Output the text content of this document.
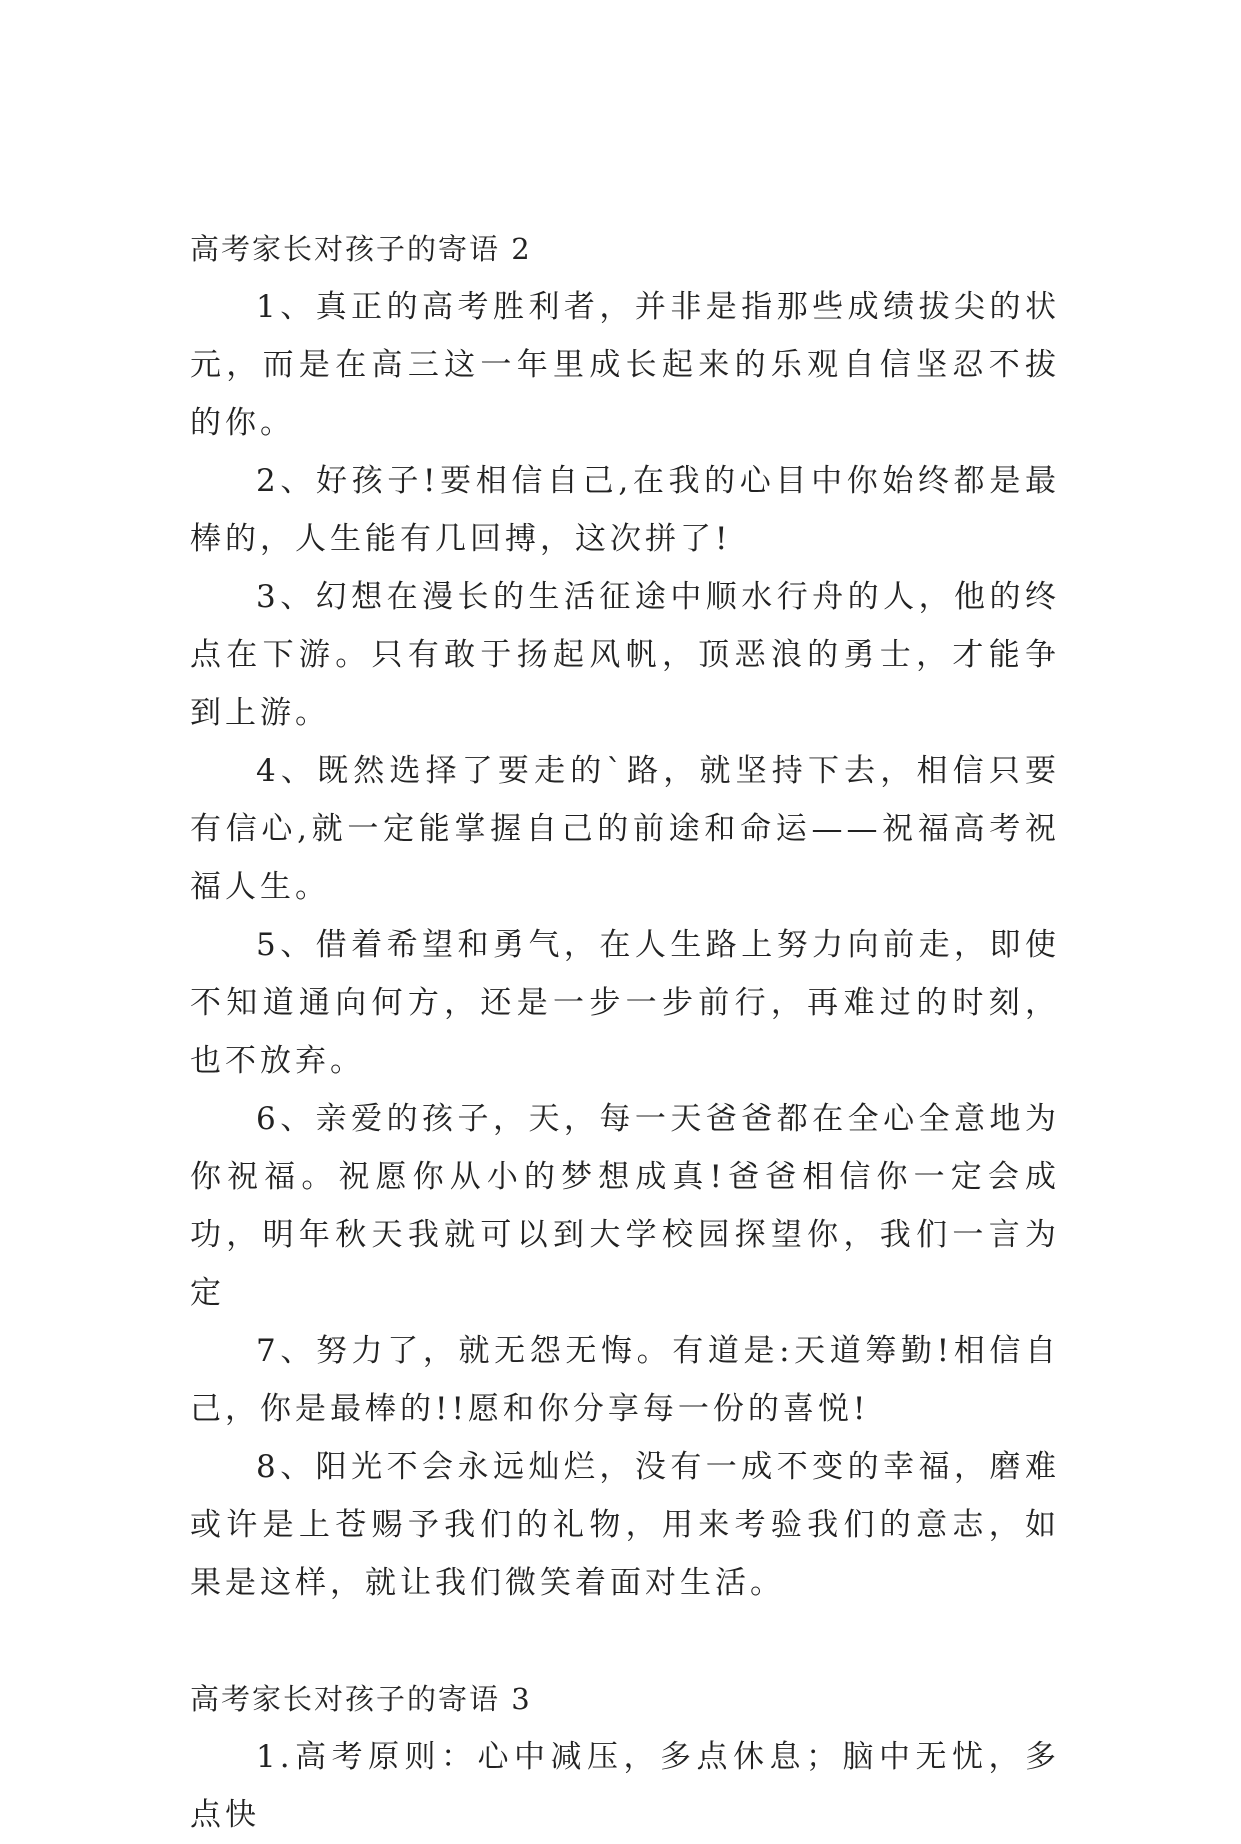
高考家长对孩子的寄语 2

1、真正的高考胜利者，并非是指那些成绩拔尖的状元，而是在高三这一年里成长起来的乐观自信坚忍不拔的你。

2、好孩子!要相信自己,在我的心目中你始终都是最棒的，人生能有几回搏，这次拼了!

3、幻想在漫长的生活征途中顺水行舟的人，他的终点在下游。只有敢于扬起风帆，顶恶浪的勇士，才能争到上游。

4、既然选择了要走的`路，就坚持下去，相信只要有信心,就一定能掌握自己的前途和命运——祝福高考祝福人生。

5、借着希望和勇气，在人生路上努力向前走，即使不知道通向何方，还是一步一步前行，再难过的时刻，也不放弃。

6、亲爱的孩子，天，每一天爸爸都在全心全意地为你祝福。祝愿你从小的梦想成真!爸爸相信你一定会成功，明年秋天我就可以到大学校园探望你，我们一言为定

7、努力了，就无怨无悔。有道是:天道筹勤!相信自己，你是最棒的!!愿和你分享每一份的喜悦!

8、阳光不会永远灿烂，没有一成不变的幸福，磨难或许是上苍赐予我们的礼物，用来考验我们的意志，如果是这样，就让我们微笑着面对生活。

高考家长对孩子的寄语 3

1.高考原则：心中减压，多点休息；脑中无忧，多点快
